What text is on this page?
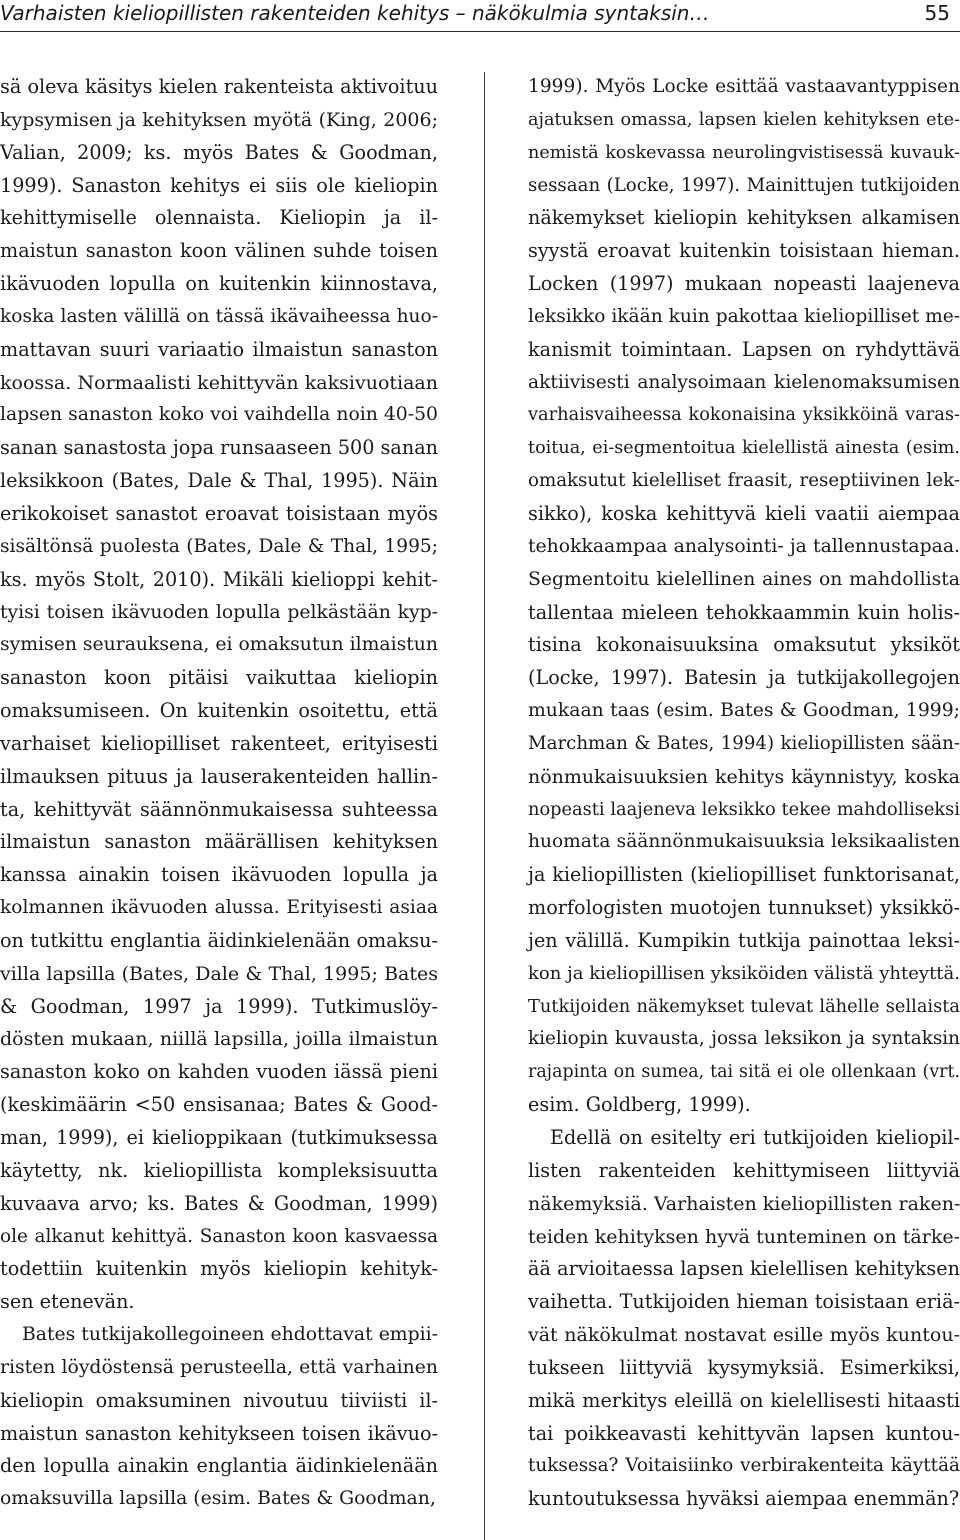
Varhaisten kieliopillisten rakenteiden kehitys – näkökulmia syntaksin…	55
sä oleva käsitys kielen rakenteista aktivoituu
kypsymisen ja kehityksen myötä (King, 2006;
Valian, 2009; ks. myös Bates & Goodman,
1999). Sanaston kehitys ei siis ole kieliopin
kehittymiselle olennaista. Kieliopin ja il-
maistun sanaston koon välinen suhde toisen
ikävuoden lopulla on kuitenkin kiinnostava,
koska lasten välillä on tässä ikävaiheessa huo-
mattavan suuri variaatio ilmaistun sanaston
koossa. Normaalisti kehittyvän kaksivuotiaan
lapsen sanaston koko voi vaihdella noin 40-50
sanan sanastosta jopa runsaaseen 500 sanan
leksikkoon (Bates, Dale & Thal, 1995). Näin
erikokoiset sanastot eroavat toisistaan myös
sisältönsä puolesta (Bates, Dale & Thal, 1995;
ks. myös Stolt, 2010). Mikäli kielioppi kehit-
tyisi toisen ikävuoden lopulla pelkästään kyp-
symisen seurauksena, ei omaksutun ilmaistun
sanaston koon pitäisi vaikuttaa kieliopin
omaksumiseen. On kuitenkin osoitettu, että
varhaiset kieliopilliset rakenteet, erityisesti
ilmauksen pituus ja lauserakenteiden hallin-
ta, kehittyvät säännönmukaisessa suhteessa
ilmaistun sanaston määrällisen kehityksen
kanssa ainakin toisen ikävuoden lopulla ja
kolmannen ikävuoden alussa. Erityisesti asiaa
on tutkittu englantia äidinkielenään omaksu-
villa lapsilla (Bates, Dale & Thal, 1995; Bates
& Goodman, 1997 ja 1999). Tutkimuslöy-
dösten mukaan, niillä lapsilla, joilla ilmaistun
sanaston koko on kahden vuoden iässä pieni
(keskimäärin <50 ensisanaa; Bates & Good-
man, 1999), ei kielioppikaan (tutkimuksessa
käytetty, nk. kieliopillista kompleksisuutta
kuvaava arvo; ks. Bates & Goodman, 1999)
ole alkanut kehittyä. Sanaston koon kasvaessa
todettiin kuitenkin myös kieliopin kehityk-
sen etenevän.
Bates tutkijakollegoineen ehdottavat empii-
risten löydöstensä perusteella, että varhainen
kieliopin omaksuminen nivoutuu tiiviisti il-
maistun sanaston kehitykseen toisen ikävuo-
den lopulla ainakin englantia äidinkielenään
omaksuvilla lapsilla (esim. Bates & Goodman,
1999). Myös Locke esittää vastaavantyppisen
ajatuksen omassa, lapsen kielen kehityksen ete-
nemistä koskevassa neurolingvistisessä kuvauk-
sessaan (Locke, 1997). Mainittujen tutkijoiden
näkemykset kieliopin kehityksen alkamisen
syystä eroavat kuitenkin toisistaan hieman.
Locken (1997) mukaan nopeasti laajeneva
leksikko ikään kuin pakottaa kieliopilliset me-
kanismit toimintaan. Lapsen on ryhdyttävä
aktiivisesti analysoimaan kielenomaksumisen
varhaisvaiheessa kokonaisina yksikköinä varas-
toitua, ei-segmentoitua kielellistä ainesta (esim.
omaksutut kielelliset fraasit, reseptiivinen lek-
sikko), koska kehittyvä kieli vaatii aiempaa
tehokkaampaa analysointi- ja tallennustapaa.
Segmentoitu kielellinen aines on mahdollista
tallentaa mieleen tehokkaammin kuin holis-
tisina kokonaisuuksina omaksutut yksiköt
(Locke, 1997). Batesin ja tutkijakollegojen
mukaan taas (esim. Bates & Goodman, 1999;
Marchman & Bates, 1994) kieliopillisten sään-
nönmukaisuuksien kehitys käynnistyy, koska
nopeasti laajeneva leksikko tekee mahdolliseksi
huomata säännönmukaisuuksia leksikaalisten
ja kieliopillisten (kieliopilliset funktorisanat,
morfologisten muotojen tunnukset) yksikkö-
jen välillä. Kumpikin tutkija painottaa leksi-
kon ja kieliopillisen yksiköiden välistä yhteyttä.
Tutkijoiden näkemykset tulevat lähelle sellaista
kieliopin kuvausta, jossa leksikon ja syntaksin
rajapinta on sumea, tai sitä ei ole ollenkaan (vrt.
esim. Goldberg, 1999).
Edellä on esitelty eri tutkijoiden kieliopil-
listen rakenteiden kehittymiseen liittyviä
näkemyksiä. Varhaisten kieliopillisten raken-
teiden kehityksen hyvä tunteminen on tärke-
ää arvioitaessa lapsen kielellisen kehityksen
vaihetta. Tutkijoiden hieman toisistaan eriä-
vät näkökulmat nostavat esille myös kuntou-
tukseen liittyviä kysymyksiä. Esimerkiksi,
mikä merkitys eleillä on kielellisesti hitaasti
tai poikkeavasti kehittyvän lapsen kuntou-
tuksessa? Voitaisiinko verbirakenteita käyttää
kuntoutuksessa hyväksi aiempaa enemmän?
